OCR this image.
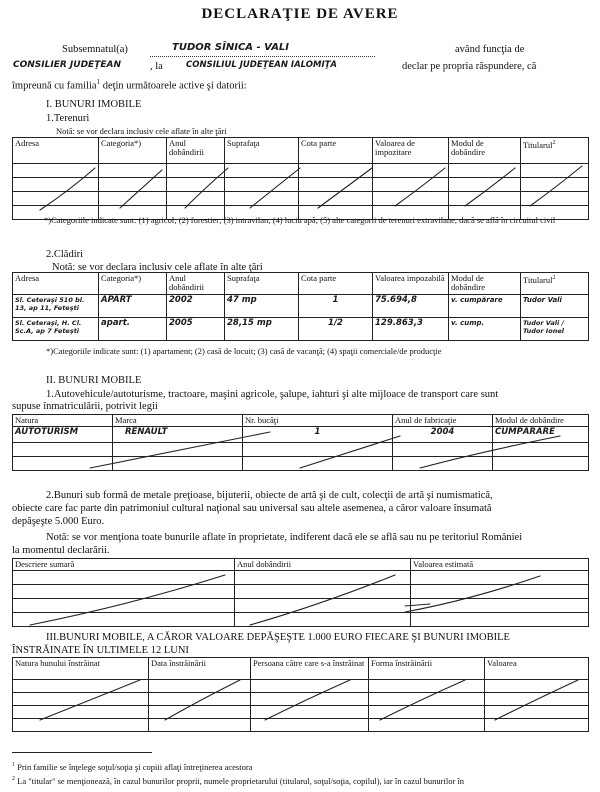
DECLARAŢIE DE AVERE
Subsemnatul(a)	TUDOR SÎNICA - VALI	având funcţia de
CONSILIER JUDEŢEAN	, la	CONSILIUL JUDEŢEAN IALOMIŢA	declar pe propria răspundere, că
împreună cu familia$^1$ deţin următoarele active şi datorii:
I. BUNURI IMOBILE
1.Terenuri
Notă: se vor declara inclusiv cele aflate în alte ţări
Adresa	Categoria*)	Anul dobândirii	Suprafaţa	Cota parte	Valoarea de impozitare	Modul de dobândire	Titularul$^2$

*)Categoriile indicate sunt: (1) agricol; (2) forestier; (3) intravilan; (4) luciu apă; (5) alte categorii de terenuri extravilane, dacă se află în circuitul civil
2.Clădiri
Notă: se vor declara inclusiv cele aflate în alte ţări
Adresa	Categoria*)	Anul dobândirii	Suprafaţa	Cota parte	Valoarea impozabilă	Modul de dobândire	Titularul$^2$
Sl. Ceteraşi 510 bl. 13, ap 11, Feteşti	APART	2002	47 mp	1	75.694,8	v. cumpărare	Tudor Vali
Sl. Ceteraşi, H. Cl. Sc.A, ap 7 Feteşti	apart.	2005	28,15 mp	1/2	129.863,3	v. cump.	Tudor Vali / Tudor Ionel
*)Categoriile indicate sunt: (1) apartament; (2) casă de locuit; (3) casă de vacanţă; (4) spaţii comerciale/de producţie
II. BUNURI MOBILE
1.Autovehicule/autoturisme, tractoare, maşini agricole, şalupe, iahturi şi alte mijloace de transport care sunt
supuse înmatriculării, potrivit legii
Natura	Marca	Nr. bucăţi	Anul de fabricaţie	Modul de dobândire
AUTOTURISM	RENAULT	1	2004	CUMPĂRARE

2.Bunuri sub formă de metale preţioase, bijuterii, obiecte de artă şi de cult, colecţii de artă şi numismatică,
obiecte care fac parte din patrimoniul cultural naţional sau universal sau altele asemenea, a căror valoare însumată
depăşeşte 5.000 Euro.
Notă: se vor menţiona toate bunurile aflate în proprietate, indiferent dacă ele se află sau nu pe teritoriul României
la momentul declarării.
Descriere sumară	Anul dobândirii	Valoarea estimată

III.BUNURI MOBILE, A CĂROR VALOARE DEPĂŞEŞTE 1.000 EURO FIECARE ŞI BUNURI IMOBILE
ÎNSTRĂINATE ÎN ULTIMELE 12 LUNI
Natura bunului înstrăinat	Data înstrăinării	Persoana către care s-a înstrăinat	Forma înstrăinării	Valoarea

$^1$ Prin familie se înţelege soţul/soţia şi copiii aflaţi întreţinerea acestora
$^2$ La "titular" se menţionează, în cazul bunurilor proprii, numele proprietarului (titularul, soţul/soţia, copilul), iar în cazul bunurilor în
